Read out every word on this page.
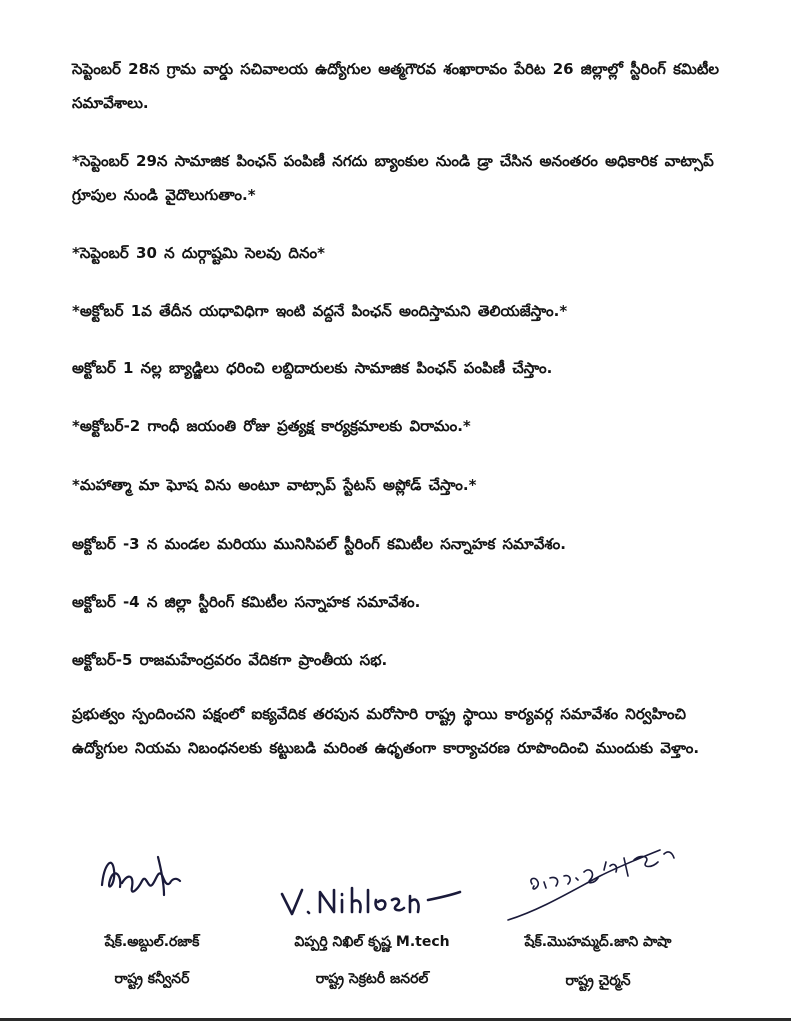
సెప్టెంబర్ 28న గ్రామ వార్డు సచివాలయ ఉద్యోగుల ఆత్మగౌరవ శంఖారావం పేరిట 26 జిల్లాల్లో స్టీరింగ్ కమిటీల సమావేశాలు.
*సెప్టెంబర్ 29న సామాజిక పింఛన్ పంపిణీ నగదు బ్యాంకుల నుండి డ్రా చేసిన అనంతరం అధికారిక వాట్సాప్ గ్రూపుల నుండి వైదొలుగుతాం.*
*సెప్టెంబర్ 30 న దుర్గాష్టమి సెలవు దినం*
*అక్టోబర్ 1వ తేదీన యధావిధిగా ఇంటి వద్దనే పింఛన్ అందిస్తామని తెలియజేస్తాం.*
అక్టోబర్ 1 నల్ల బ్యాడ్జిలు ధరించి లబ్దిదారులకు సామాజిక పింఛన్ పంపిణీ చేస్తాం.
*అక్టోబర్-2 గాంధీ జయంతి రోజు ప్రత్యక్ష కార్యక్రమాలకు విరామం.*
*మహాత్మా మా ఘోష విను అంటూ వాట్సాప్ స్టేటస్ అప్లోడ్ చేస్తాం.*
అక్టోబర్ -3 న మండల మరియు మునిసిపల్ స్టీరింగ్ కమిటీల సన్నాహక సమావేశం.
అక్టోబర్ -4 న జిల్లా స్టీరింగ్ కమిటీల సన్నాహక సమావేశం.
అక్టోబర్-5 రాజమహేంద్రవరం వేదికగా ప్రాంతీయ సభ.
ప్రభుత్వం స్పందించని పక్షంలో ఐక్యవేదిక తరపున మరోసారి రాష్ట్ర స్థాయి కార్యవర్గ సమావేశం నిర్వహించి ఉద్యోగుల నియమ నిబంధనలకు కట్టుబడి మరింత ఉధృతంగా కార్యాచరణ రూపొందించి ముందుకు వెళ్తాం.
షేక్.అబ్దుల్.రజాక్
రాష్ట్ర కన్వీనర్
విప్పర్తి నిఖిల్ కృష్ణ M.tech
రాష్ట్ర సెక్రటరీ జనరల్
షేక్.మొహమ్మద్.జాని పాషా
రాష్ట్ర చైర్మన్
